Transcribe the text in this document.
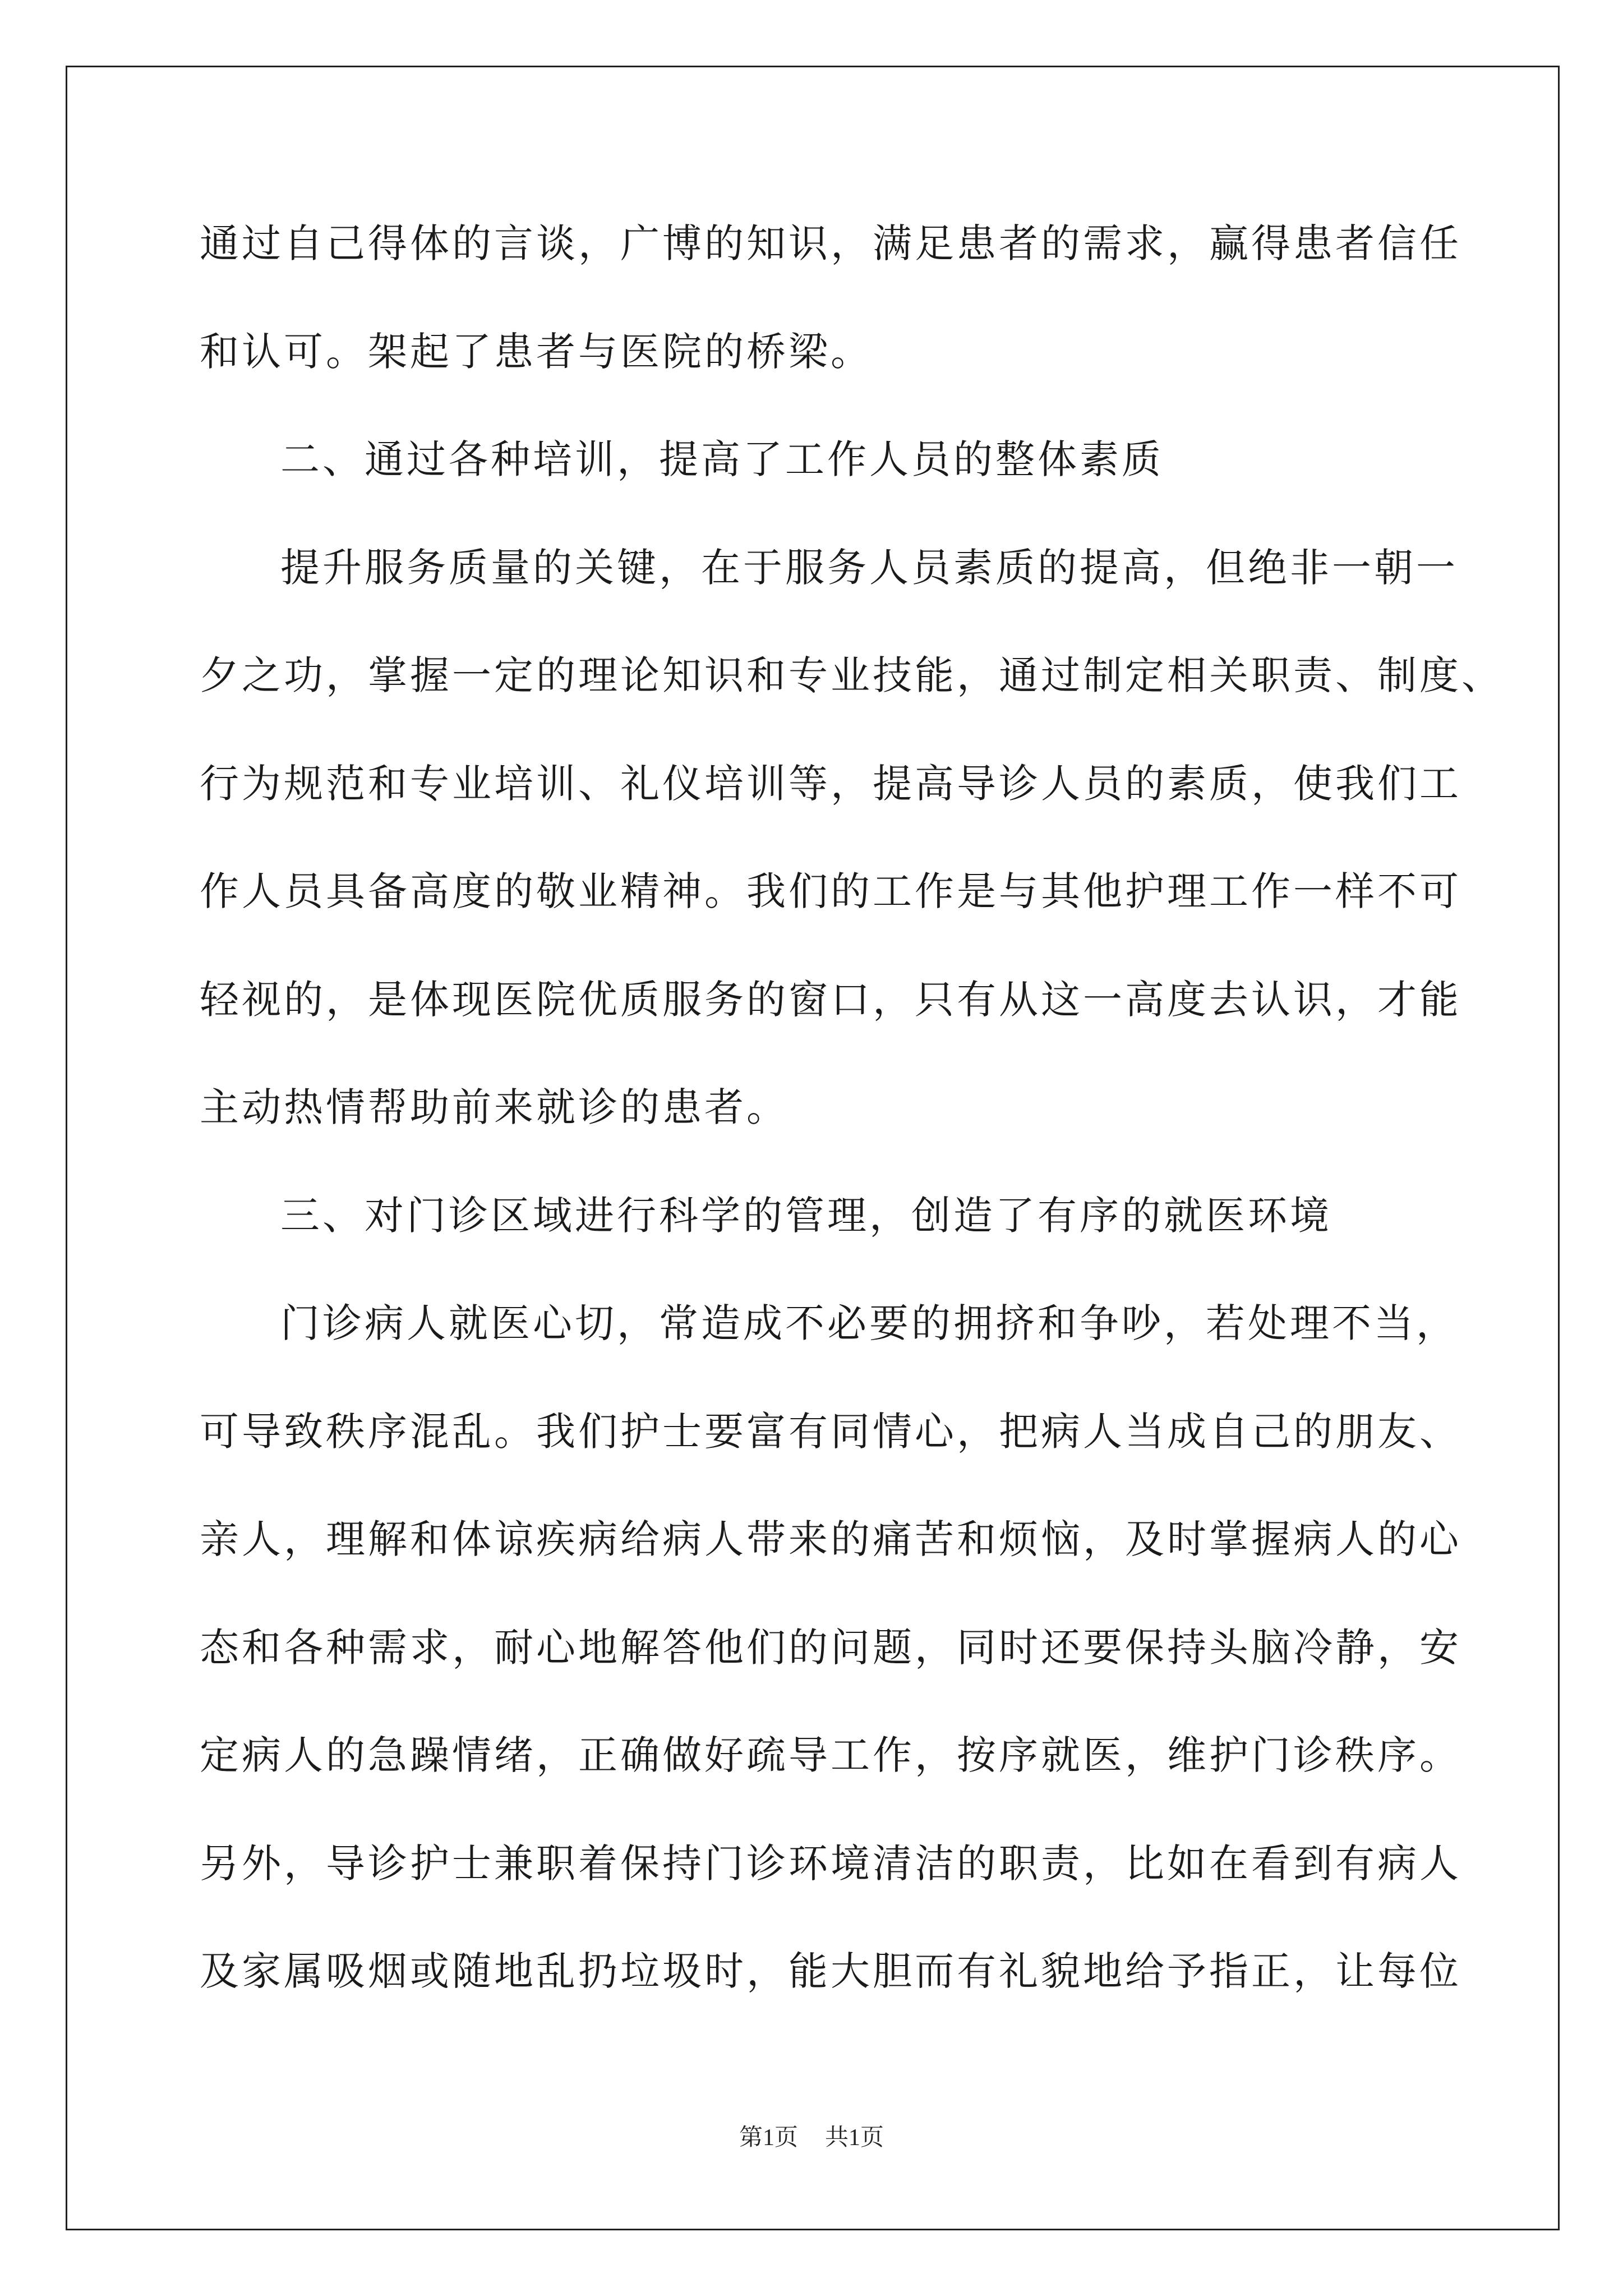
通过自己得体的言谈，广博的知识，满足患者的需求，赢得患者信任
和认可。架起了患者与医院的桥梁。
二、通过各种培训，提高了工作人员的整体素质
提升服务质量的关键，在于服务人员素质的提高，但绝非一朝一
夕之功，掌握一定的理论知识和专业技能，通过制定相关职责、制度、
行为规范和专业培训、礼仪培训等，提高导诊人员的素质，使我们工
作人员具备高度的敬业精神。我们的工作是与其他护理工作一样不可
轻视的，是体现医院优质服务的窗口，只有从这一高度去认识，才能
主动热情帮助前来就诊的患者。
三、对门诊区域进行科学的管理，创造了有序的就医环境
门诊病人就医心切，常造成不必要的拥挤和争吵，若处理不当，
可导致秩序混乱。我们护士要富有同情心，把病人当成自己的朋友、
亲人，理解和体谅疾病给病人带来的痛苦和烦恼，及时掌握病人的心
态和各种需求，耐心地解答他们的问题，同时还要保持头脑冷静，安
定病人的急躁情绪，正确做好疏导工作，按序就医，维护门诊秩序。
另外，导诊护士兼职着保持门诊环境清洁的职责，比如在看到有病人
及家属吸烟或随地乱扔垃圾时，能大胆而有礼貌地给予指正，让每位
第1页 共1页
